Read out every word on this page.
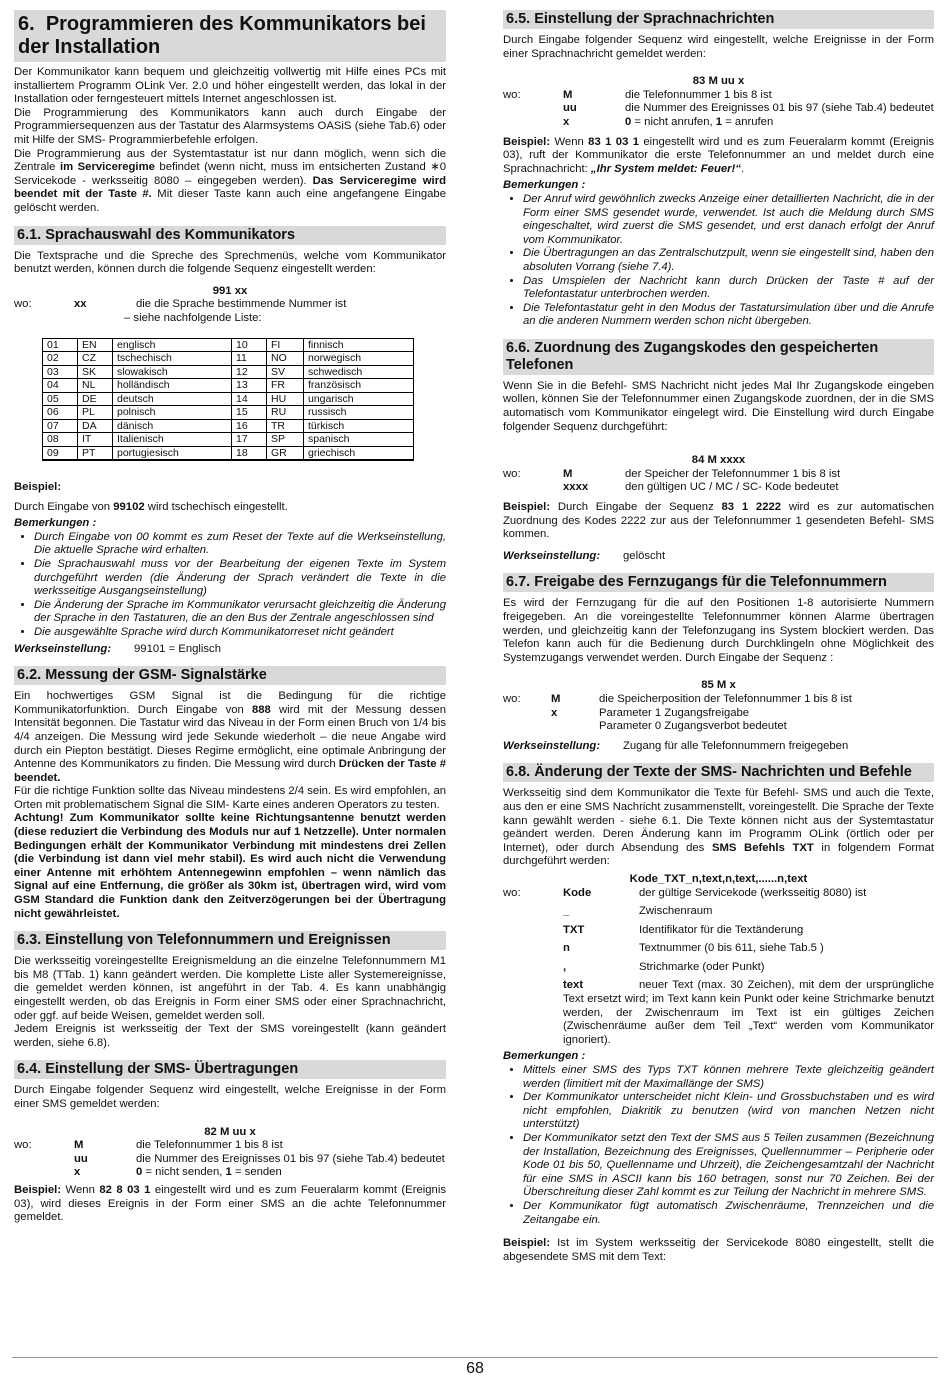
6. Programmieren des Kommunikators bei der Installation

Der Kommunikator kann bequem und gleichzeitig vollwertig mit Hilfe eines PCs mit installiertem Programm OLink Ver. 2.0 und höher eingestellt werden, das lokal in der Installation oder ferngesteuert mittels Internet angeschlossen ist.

Die Programmierung des Kommunikators kann auch durch Eingabe der Programmiersequenzen aus der Tastatur des Alarmsystems OASiS (siehe Tab.6) oder mit Hilfe der SMS- Programmierbefehle erfolgen.

Die Programmierung aus der Systemtastatur ist nur dann möglich, wenn sich die Zentrale im Serviceregime befindet (wenn nicht, muss im entsicherten Zustand ∗0 Servicekode - werksseitig 8080 – eingegeben werden). Das Serviceregime wird beendet mit der Taste #. Mit dieser Taste kann auch eine angefangene Eingabe gelöscht werden.

6.1. Sprachauswahl des Kommunikators

Die Textsprache und die Spreche des Sprechmenüs, welche vom Kommunikator benutzt werden, können durch die folgende Sequenz eingestellt werden:

991 xx
wo:	xx	die die Sprache bestimmende Nummer ist
– siehe nachfolgende Liste:
01	EN	englisch	10	FI	finnisch
02	CZ	tschechisch	11	NO	norwegisch
03	SK	slowakisch	12	SV	schwedisch
04	NL	holländisch	13	FR	französisch
05	DE	deutsch	14	HU	ungarisch
06	PL	polnisch	15	RU	russisch
07	DA	dänisch	16	TR	türkisch
08	IT	Italienisch	17	SP	spanisch
09	PT	portugiesisch	18	GR	griechisch

Beispiel:

Durch Eingabe von 99102 wird tschechisch eingestellt.

Bemerkungen :
• Durch Eingabe von 00 kommt es zum Reset der Texte auf die Werkseinstellung, Die aktuelle Sprache wird erhalten.
• Die Sprachauswahl muss vor der Bearbeitung der eigenen Texte im System durchgeführt werden (die Änderung der Sprach verändert die Texte in die werksseitige Ausgangseinstellung)
• Die Änderung der Sprache im Kommunikator verursacht gleichzeitig die Änderung der Sprache in den Tastaturen, die an den Bus der Zentrale angeschlossen sind
• Die ausgewählte Sprache wird durch Kommunikatorreset nicht geändert
Werkseinstellung: 99101 = Englisch
6.2. Messung der GSM- Signalstärke

Ein hochwertiges GSM Signal ist die Bedingung für die richtige Kommunikatorfunktion. Durch Eingabe von 888 wird mit der Messung dessen Intensität begonnen. Die Tastatur wird das Niveau in der Form einen Bruch von 1/4 bis 4/4 anzeigen. Die Messung wird jede Sekunde wiederholt – die neue Angabe wird durch ein Piepton bestätigt. Dieses Regime ermöglicht, eine optimale Anbringung der Antenne des Kommunikators zu finden. Die Messung wird durch Drücken der Taste # beendet.

Für die richtige Funktion sollte das Niveau mindestens 2/4 sein. Es wird empfohlen, an Orten mit problematischem Signal die SIM- Karte eines anderen Operators zu testen.

Achtung! Zum Kommunikator sollte keine Richtungsantenne benutzt werden (diese reduziert die Verbindung des Moduls nur auf 1 Netzzelle). Unter normalen Bedingungen erhält der Kommunikator Verbindung mit mindestens drei Zellen (die Verbindung ist dann viel mehr stabil). Es wird auch nicht die Verwendung einer Antenne mit erhöhtem Antennegewinn empfohlen – wenn nämlich das Signal auf eine Entfernung, die größer als 30km ist, übertragen wird, wird vom GSM Standard die Funktion dank den Zeitverzögerungen bei der Übertragung nicht gewährleistet.

6.3. Einstellung von Telefonnummern und Ereignissen

Die werksseitig voreingestellte Ereignismeldung an die einzelne Telefonnummern M1 bis M8 (TTab. 1) kann geändert werden. Die komplette Liste aller Systemereignisse, die gemeldet werden können, ist angeführt in der Tab. 4. Es kann unabhängig eingestellt werden, ob das Ereignis in Form einer SMS oder einer Sprachnachricht, oder ggf. auf beide Weisen, gemeldet werden soll.

Jedem Ereignis ist werksseitig der Text der SMS voreingestellt (kann geändert werden, siehe 6.8).

6.4. Einstellung der SMS- Übertragungen

Durch Eingabe folgender Sequenz wird eingestellt, welche Ereignisse in der Form einer SMS gemeldet werden:

82 M uu x
wo:	M	die Telefonnummer 1 bis 8 ist
uu	die Nummer des Ereignisses 01 bis 97 (siehe Tab.4) bedeutet
x	0 = nicht senden, 1 = senden

Beispiel: Wenn 82 8 03 1 eingestellt wird und es zum Feueralarm kommt (Ereignis 03), wird dieses Ereignis in der Form einer SMS an die achte Telefonnummer gemeldet.

6.5. Einstellung der Sprachnachrichten

Durch Eingabe folgender Sequenz wird eingestellt, welche Ereignisse in der Form einer Sprachnachricht gemeldet werden:

83 M uu x
wo:	M	die Telefonnummer 1 bis 8 ist
uu	die Nummer des Ereignisses 01 bis 97 (siehe Tab.4) bedeutet
x	0 = nicht anrufen, 1 = anrufen

Beispiel: Wenn 83 1 03 1 eingestellt wird und es zum Feueralarm kommt (Ereignis 03), ruft der Kommunikator die erste Telefonnummer an und meldet durch eine Sprachnachricht: „Ihr System meldet: Feuer!“.

Bemerkungen :
• Der Anruf wird gewöhnlich zwecks Anzeige einer detaillierten Nachricht, die in der Form einer SMS gesendet wurde, verwendet. Ist auch die Meldung durch SMS eingeschaltet, wird zuerst die SMS gesendet, und erst danach erfolgt der Anruf vom Kommunikator.
• Die Übertragungen an das Zentralschutzpult, wenn sie eingestellt sind, haben den absoluten Vorrang (siehe 7.4).
• Das Umspielen der Nachricht kann durch Drücken der Taste # auf der Telefontastatur unterbrochen werden.
• Die Telefontastatur geht in den Modus der Tastatursimulation über und die Anrufe an die anderen Nummern werden schon nicht übergeben.
6.6. Zuordnung des Zugangskodes den gespeicherten Telefonen

Wenn Sie in die Befehl- SMS Nachricht nicht jedes Mal Ihr Zugangskode eingeben wollen, können Sie der Telefonnummer einen Zugangskode zuordnen, der in die SMS automatisch vom Kommunikator eingelegt wird. Die Einstellung wird durch Eingabe folgender Sequenz durchgeführt:

84 M xxxx
wo:	M	der Speicher der Telefonnummer 1 bis 8 ist
xxxx	den gültigen UC / MC / SC- Kode bedeutet

Beispiel: Durch Eingabe der Sequenz 83 1 2222 wird es zur automatischen Zuordnung des Kodes 2222 zur aus der Telefonnummer 1 gesendeten Befehl- SMS kommen.

Werkseinstellung: gelöscht
6.7. Freigabe des Fernzugangs für die Telefonnummern

Es wird der Fernzugang für die auf den Positionen 1-8 autorisierte Nummern freigegeben. An die voreingestellte Telefonnummer können Alarme übertragen werden, und gleichzeitig kann der Telefonzugang ins System blockiert werden. Das Telefon kann auch für die Bedienung durch Durchklingeln ohne Möglichkeit des Systemzugangs verwendet werden. Durch Eingabe der Sequenz :

85 M x
wo:	M	die Speicherposition der Telefonnummer 1 bis 8 ist
x	Parameter 1 Zugangsfreigabe
Parameter 0 Zugangsverbot bedeutet
Werkseinstellung: Zugang für alle Telefonnummern freigegeben
6.8. Änderung der Texte der SMS- Nachrichten und Befehle

Werksseitig sind dem Kommunikator die Texte für Befehl- SMS und auch die Texte, aus den er eine SMS Nachricht zusammenstellt, voreingestellt. Die Sprache der Texte kann gewählt werden - siehe 6.1. Die Texte können nicht aus der Systemtastatur geändert werden. Deren Änderung kann im Programm OLink (örtlich oder per Internet), oder durch Absendung des SMS Befehls TXT in folgendem Format durchgeführt werden:

Kode_TXT_n,text,n,text,......n,text
wo:	Kode	der gültige Servicekode (werksseitig 8080) ist
_	Zwischenraum
TXT	Identifikator für die Textänderung
n	Textnummer (0 bis 611, siehe Tab.5 )
,	Strichmarke (oder Punkt)
text	neuer Text (max. 30 Zeichen), mit dem der ursprüngliche Text ersetzt wird; im Text kann kein Punkt oder keine Strichmarke benutzt werden, der Zwischenraum im Text ist ein gültiges Zeichen (Zwischenräume außer dem Teil „Text“ werden vom Kommunikator ignoriert).
Bemerkungen :
• Mittels einer SMS des Typs TXT können mehrere Texte gleichzeitig geändert werden (limitiert mit der Maximallänge der SMS)
• Der Kommunikator unterscheidet nicht Klein- und Grossbuchstaben und es wird nicht empfohlen, Diakritik zu benutzen (wird von manchen Netzen nicht unterstützt)
• Der Kommunikator setzt den Text der SMS aus 5 Teilen zusammen (Bezeichnung der Installation, Bezeichnung des Ereignisses, Quellennummer – Peripherie oder Kode 01 bis 50, Quellenname und Uhrzeit), die Zeichengesamtzahl der Nachricht für eine SMS in ASCII kann bis 160 betragen, sonst nur 70 Zeichen. Bei der Überschreitung dieser Zahl kommt es zur Teilung der Nachricht in mehrere SMS.
• Der Kommunikator fügt automatisch Zwischenräume, Trennzeichen und die Zeitangabe ein.

Beispiel: Ist im System werksseitig der Servicekode 8080 eingestellt, stellt die abgesendete SMS mit dem Text:

68
